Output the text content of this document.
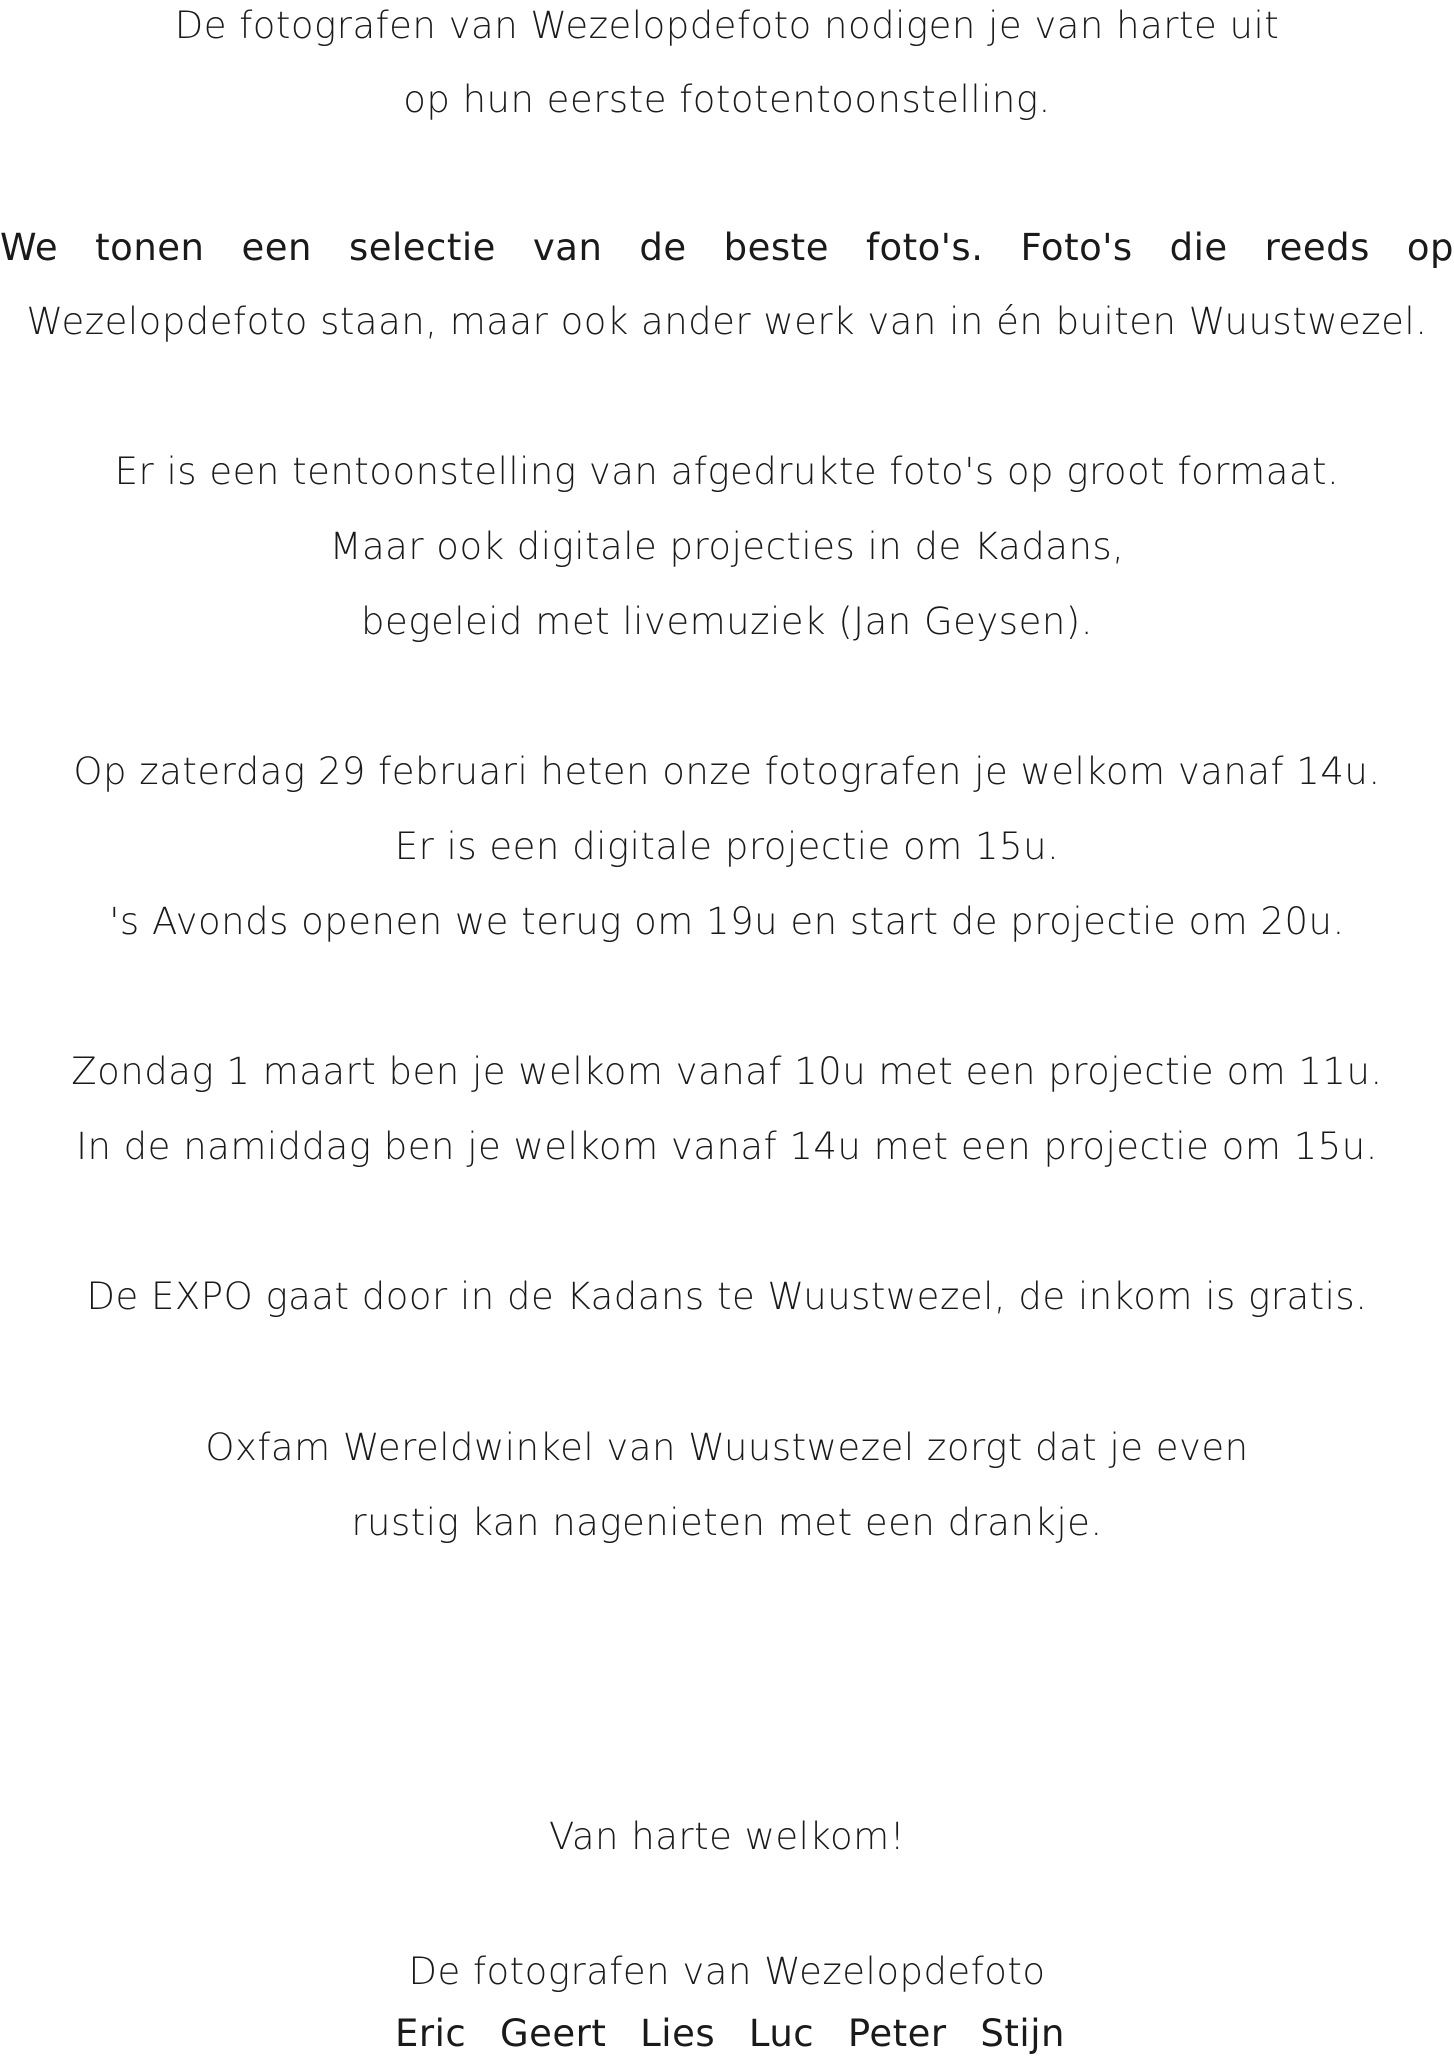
De fotografen van Wezelopdefoto nodigen je van harte uit
op hun eerste fototentoonstelling.
We tonen een selectie van de beste foto's. Foto's die reeds op
Wezelopdefoto staan, maar ook ander werk van in én buiten Wuustwezel.
Er is een tentoonstelling van afgedrukte foto's op groot formaat.
Maar ook digitale projecties in de Kadans,
begeleid met livemuziek (Jan Geysen).
Op zaterdag 29 februari heten onze fotografen je welkom vanaf 14u.
Er is een digitale projectie om 15u.
's Avonds openen we terug om 19u en start de projectie om 20u.
Zondag 1 maart ben je welkom vanaf 10u met een projectie om 11u.
In de namiddag ben je welkom vanaf 14u met een projectie om 15u.
De EXPO gaat door in de Kadans te Wuustwezel, de inkom is gratis.
Oxfam Wereldwinkel van Wuustwezel zorgt dat je even
rustig kan nagenieten met een drankje.
Van harte welkom!
De fotografen van Wezelopdefoto
Eric Geert Lies Luc Peter Stijn
